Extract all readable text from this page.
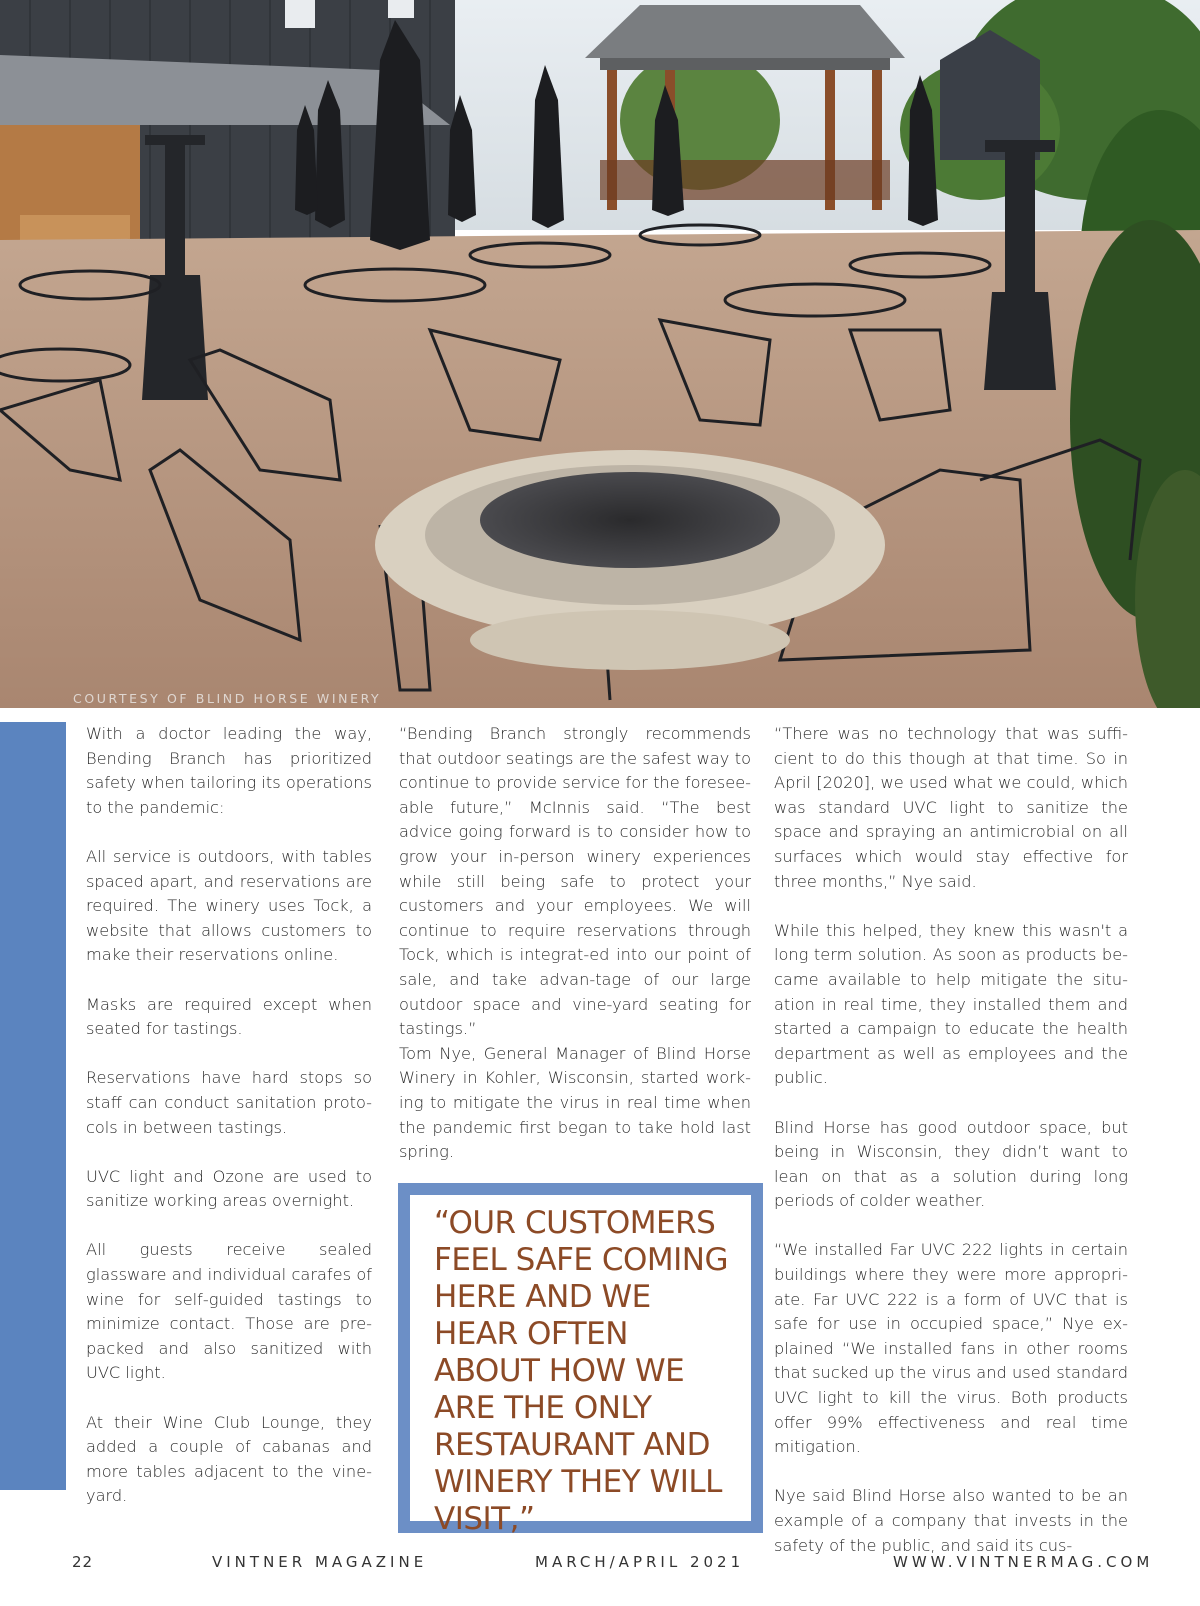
COURTESY OF BLIND HORSE WINERY

With a doctor leading the way, Bending Branch has prioritized safety when tailoring its operations to the pandemic:

All service is outdoors, with tables spaced apart, and reservations are required. The winery uses Tock, a website that allows customers to make their reservations online.

Masks are required except when seated for tastings.

Reservations have hard stops so staff can conduct sanitation proto-cols in between tastings.

UVC light and Ozone are used to sanitize working areas overnight.

All guests receive sealed glassware and individual carafes of wine for self-guided tastings to minimize contact. Those are pre-packed and also sanitized with UVC light.

At their Wine Club Lounge, they added a couple of cabanas and more tables adjacent to the vine-yard.

“Bending Branch strongly recommends that outdoor seatings are the safest way to continue to provide service for the foresee-able future,” McInnis said. “The best advice going forward is to consider how to grow your in-person winery experiences while still being safe to protect your customers and your employees. We will continue to require reservations through Tock, which is integrat-ed into our point of sale, and take advan-tage of our large outdoor space and vine-yard seating for tastings.”

Tom Nye, General Manager of Blind Horse Winery in Kohler, Wisconsin, started work-ing to mitigate the virus in real time when the pandemic first began to take hold last spring.

“OUR CUSTOMERS FEEL SAFE COMING HERE AND WE HEAR OFTEN ABOUT HOW WE ARE THE ONLY RESTAURANT AND WINERY THEY WILL VISIT,”

“There was no technology that was suffi-cient to do this though at that time. So in April [2020], we used what we could, which was standard UVC light to sanitize the space and spraying an antimicrobial on all surfaces which would stay effective for three months,” Nye said.

While this helped, they knew this wasn't a long term solution. As soon as products be-came available to help mitigate the situ-ation in real time, they installed them and started a campaign to educate the health department as well as employees and the public.

Blind Horse has good outdoor space, but being in Wisconsin, they didn’t want to lean on that as a solution during long periods of colder weather.

“We installed Far UVC 222 lights in certain buildings where they were more appropri-ate. Far UVC 222 is a form of UVC that is safe for use in occupied space,” Nye ex-plained “We installed fans in other rooms that sucked up the virus and used standard UVC light to kill the virus. Both products offer 99% effectiveness and real time mitigation.

Nye said Blind Horse also wanted to be an example of a company that invests in the safety of the public, and said its cus-

22	VINTNER MAGAZINE	MARCH/APRIL 2021	WWW.VINTNERMAG.COM
